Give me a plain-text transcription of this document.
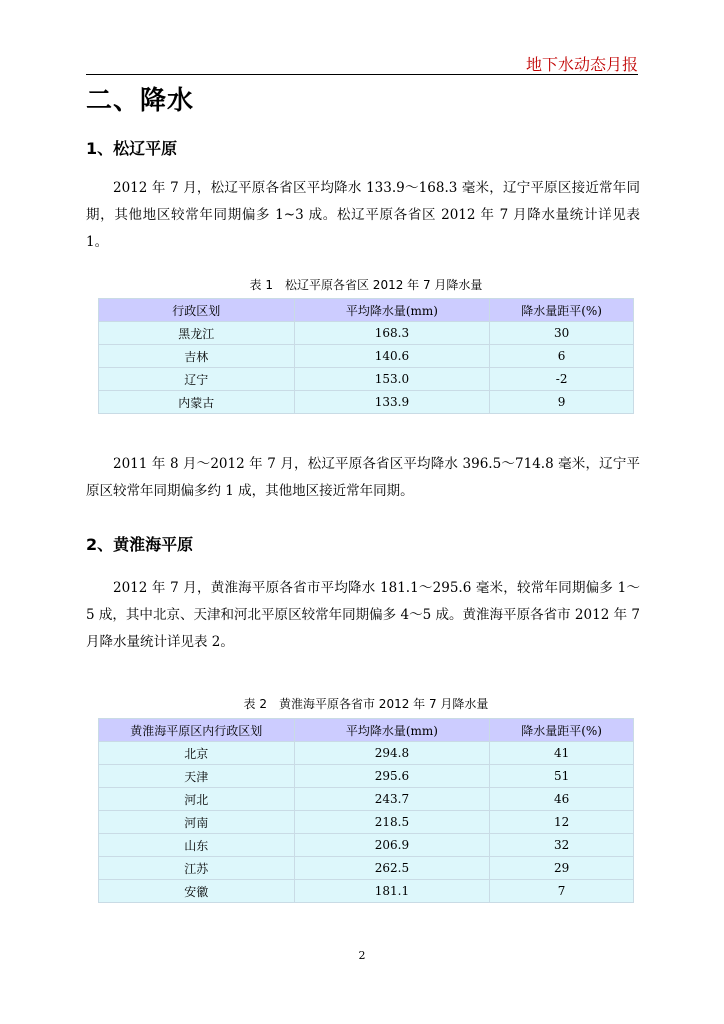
地下水动态月报
二、降水
1、松辽平原
2012 年 7 月，松辽平原各省区平均降水 133.9～168.3 毫米，辽宁平原区接近常年同期，其他地区较常年同期偏多 1~3 成。松辽平原各省区 2012 年 7 月降水量统计详见表 1。
表 1　松辽平原各省区 2012 年 7 月降水量
行政区划	平均降水量(mm)	降水量距平(%)
黑龙江	168.3	30
吉林	140.6	6
辽宁	153.0	-2
内蒙古	133.9	9
2011 年 8 月～2012 年 7 月，松辽平原各省区平均降水 396.5～714.8 毫米，辽宁平原区较常年同期偏多约 1 成，其他地区接近常年同期。
2、黄淮海平原
2012 年 7 月，黄淮海平原各省市平均降水 181.1～295.6 毫米，较常年同期偏多 1～5 成，其中北京、天津和河北平原区较常年同期偏多 4～5 成。黄淮海平原各省市 2012 年 7 月降水量统计详见表 2。
表 2　黄淮海平原各省市 2012 年 7 月降水量
黄淮海平原区内行政区划	平均降水量(mm)	降水量距平(%)
北京	294.8	41
天津	295.6	51
河北	243.7	46
河南	218.5	12
山东	206.9	32
江苏	262.5	29
安徽	181.1	7
2
